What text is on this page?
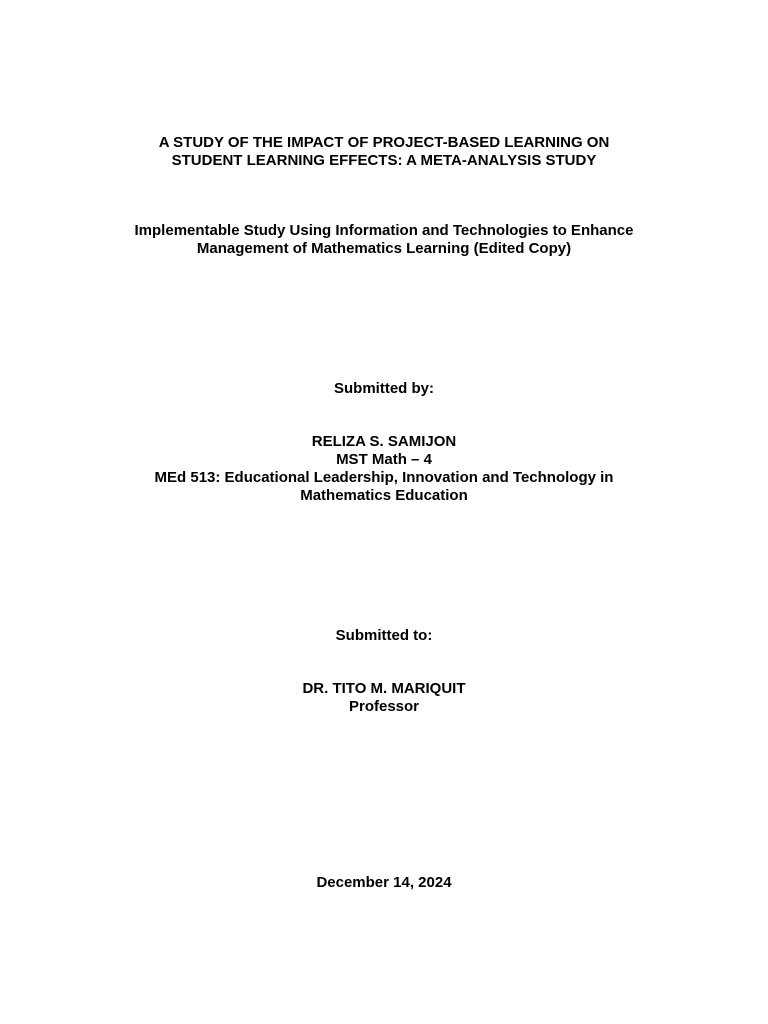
A STUDY OF THE IMPACT OF PROJECT-BASED LEARNING ON
STUDENT LEARNING EFFECTS: A META-ANALYSIS STUDY
Implementable Study Using Information and Technologies to Enhance
Management of Mathematics Learning (Edited Copy)
Submitted by:
RELIZA S. SAMIJON
MST Math – 4
MEd 513: Educational Leadership, Innovation and Technology in
Mathematics Education
Submitted to:
DR. TITO M. MARIQUIT
Professor
December 14, 2024
